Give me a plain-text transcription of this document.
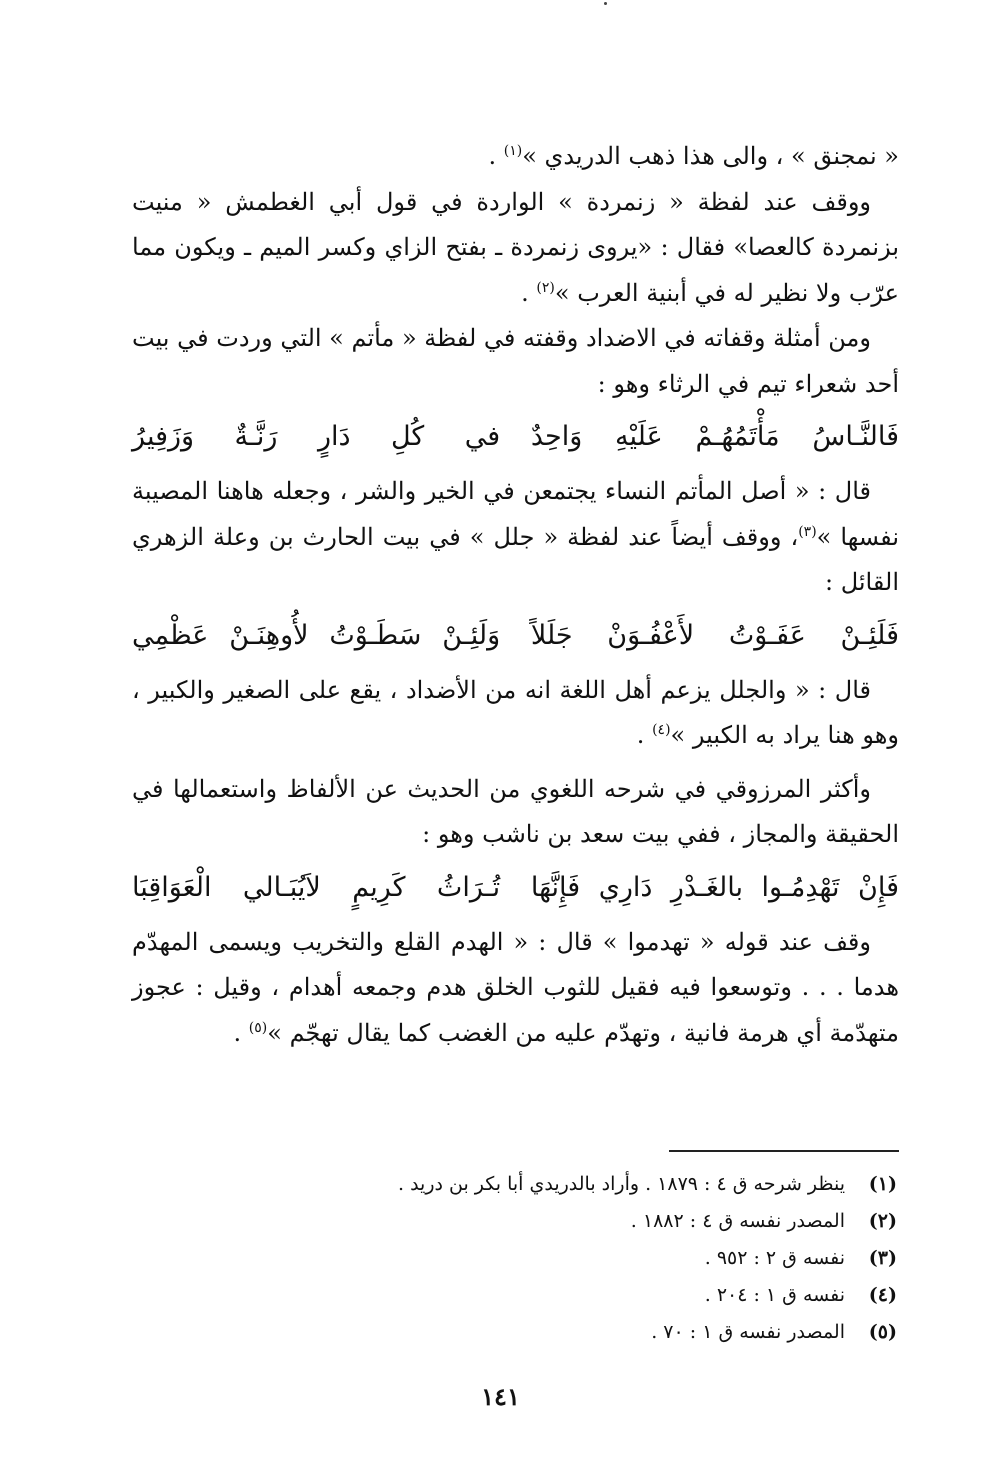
« نمجنق » ، والى هذا ذهب الدريدي »$^{(١)}$ .

ووقف عند لفظة « زنمردة » الواردة في قول أبي الغطمش « منيت بزنمردة كالعصا» فقال : «يروى زنمردة ـ بفتح الزاي وكسر الميم ـ ويكون مما عرّب ولا نظير له في أبنية العرب »$^{(٢)}$ .

ومن أمثلة وقفاته في الاضداد وقفته في لفظة « مأتم » التي وردت في بيت أحد شعراء تيم في الرثاء وهو :

فَالنَّـاسُ
مَأْتَمُهُـمْ
عَلَيْهِ
وَاحِدٌ
في
كُلِ
دَارٍ
رَنَّـةٌ
وَزَفِيرُ

قال : « أصل المأتم النساء يجتمعن في الخير والشر ، وجعله هاهنا المصيبة نفسها »$^{(٣)}$، ووقف أيضاً عند لفظة « جلل » في بيت الحارث بن وعلة الزهري القائل :

فَلَئِـنْ
عَفَـوْتُ
لأَعْفُـوَنْ
جَلَلاً
وَلَئِـنْ
سَطَـوْتُ
لأُوهِنَـنْ
عَظْمِي

قال : « والجلل يزعم أهل اللغة انه من الأضداد ، يقع على الصغير والكبير ، وهو هنا يراد به الكبير »$^{(٤)}$ .

وأكثر المرزوقي في شرحه اللغوي من الحديث عن الألفاظ واستعمالها في الحقيقة والمجاز ، ففي بيت سعد بن ناشب وهو :

فَإِنْ
تَهْدِمُـوا
بالغَـدْرِ
دَارِي
فَإِنَّهَا
تُـرَاثُ
كَرِيمٍ
لاَيُبَـالي
الْعَوَاقِبَا

وقف عند قوله « تهدموا » قال : « الهدم القلع والتخريب ويسمى المهدّم هدما . . . وتوسعوا فيه فقيل للثوب الخلق هدم وجمعه أهدام ، وقيل : عجوز متهدّمة أي هرمة فانية ، وتهدّم عليه من الغضب كما يقال تهجّم »$^{(٥)}$ .

(١)
ينظر شرحه ق ٤ : ١٨٧٩ . وأراد بالدريدي أبا بكر بن دريد .
(٢)
المصدر نفسه ق ٤ : ١٨٨٢ .
(٣)
نفسه ق ٢ : ٩٥٢ .
(٤)
نفسه ق ١ : ٢٠٤ .
(٥)
المصدر نفسه ق ١ : ٧٠ .
١٤١
